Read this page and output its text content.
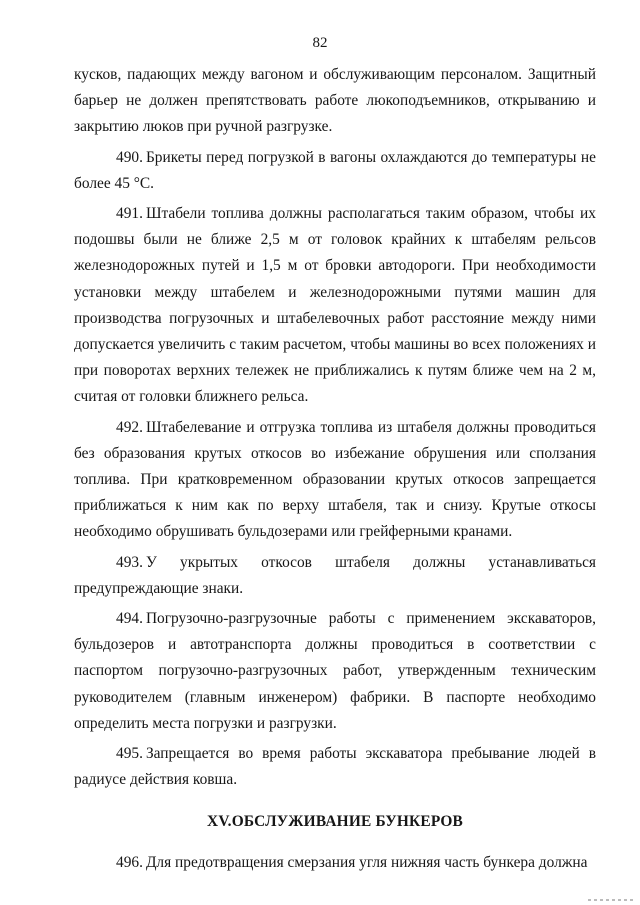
82

кусков, падающих между вагоном и обслуживающим персоналом. Защитный барьер не должен препятствовать работе люкоподъемников, открыванию и закрытию люков при ручной разгрузке.

490. Брикеты перед погрузкой в вагоны охлаждаются до температуры не более 45 °С.

491. Штабели топлива должны располагаться таким образом, чтобы их подошвы были не ближе 2,5 м от головок крайних к штабелям рельсов железнодорожных путей и 1,5 м от бровки автодороги. При необходимости установки между штабелем и железнодорожными путями машин для производства погрузочных и штабелевочных работ расстояние между ними допускается увеличить с таким расчетом, чтобы машины во всех положениях и при поворотах верхних тележек не приближались к путям ближе чем на 2 м, считая от головки ближнего рельса.

492. Штабелевание и отгрузка топлива из штабеля должны проводиться без образования крутых откосов во избежание обрушения или сползания топлива. При кратковременном образовании крутых откосов запрещается приближаться к ним как по верху штабеля, так и снизу. Крутые откосы необходимо обрушивать бульдозерами или грейферными кранами.

493. У укрытых откосов штабеля должны устанавливаться предупреждающие знаки.

494. Погрузочно-разгрузочные работы с применением экскаваторов, бульдозеров и автотранспорта должны проводиться в соответствии с паспортом погрузочно-разгрузочных работ, утвержденным техническим руководителем (главным инженером) фабрики. В паспорте необходимо определить места погрузки и разгрузки.

495. Запрещается во время работы экскаватора пребывание людей в радиусе действия ковша.

XV.ОБСЛУЖИВАНИЕ БУНКЕРОВ

496. Для предотвращения смерзания угля нижняя часть бункера должна
